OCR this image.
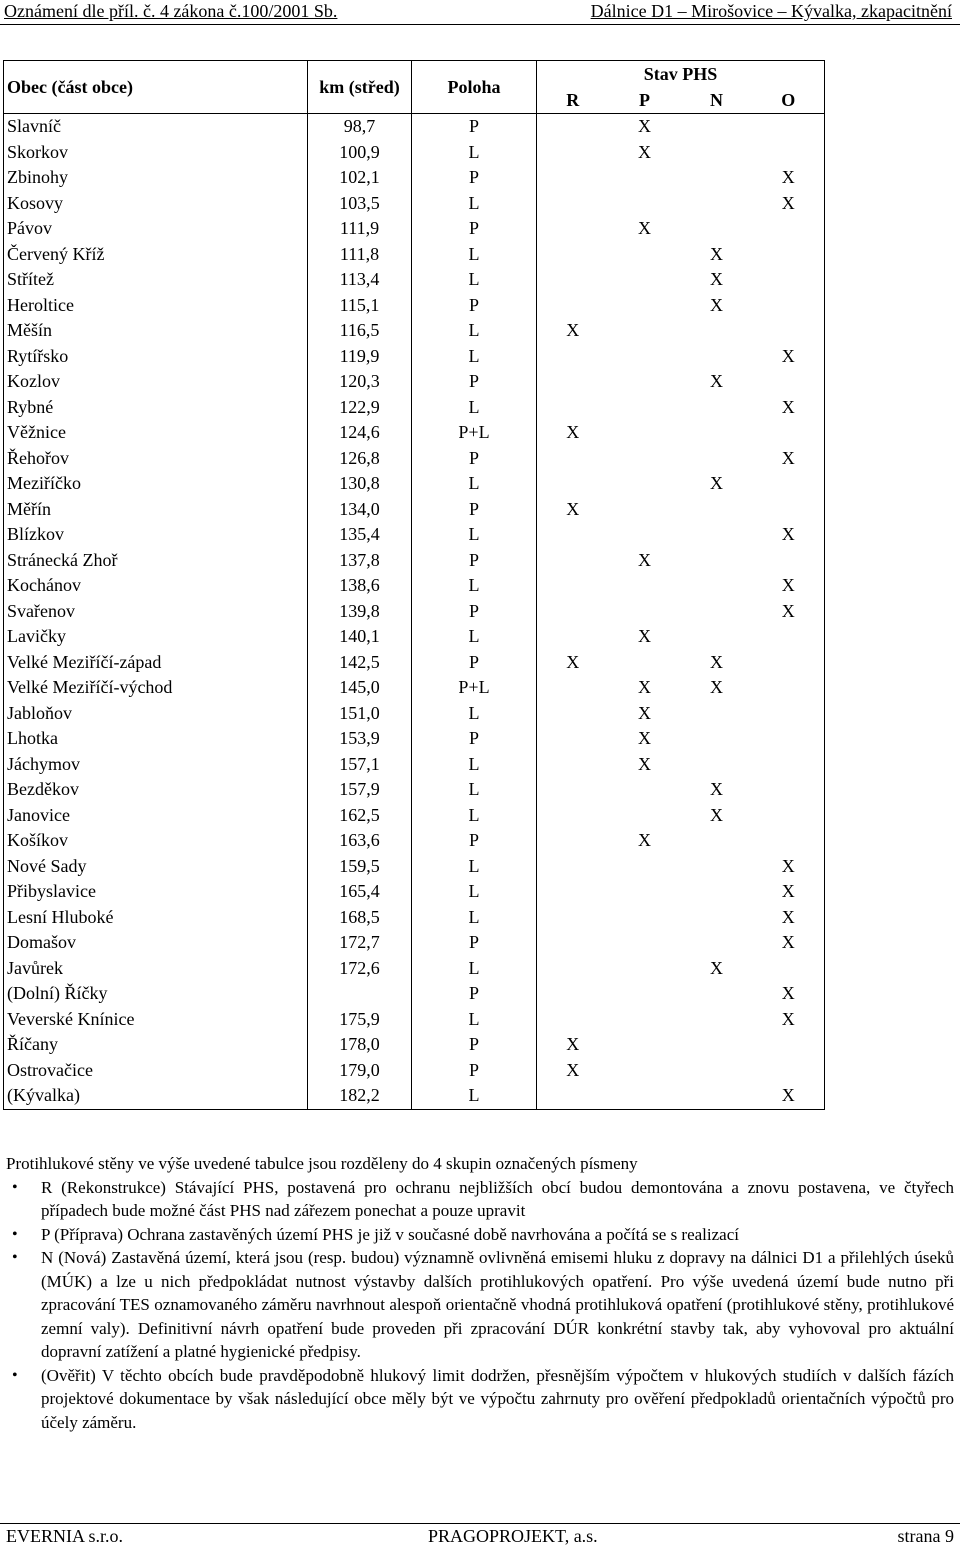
Oznámení dle příl. č. 4 zákona č.100/2001 Sb.	Dálnice D1 – Mirošovice – Kývalka, zkapacitnění
Obec (část obce)	km (střed)	Poloha	Stav PHS			
			R	P	N	O
Slavníč	98,7	P		X		
Skorkov	100,9	L		X		
Zbinohy	102,1	P				X
Kosovy	103,5	L				X
Pávov	111,9	P		X		
Červený Kříž	111,8	L			X	
Střítež	113,4	L			X	
Heroltice	115,1	P			X	
Měšín	116,5	L	X			
Rytířsko	119,9	L				X
Kozlov	120,3	P			X	
Rybné	122,9	L				X
Věžnice	124,6	P+L	X			
Řehořov	126,8	P				X
Meziříčko	130,8	L			X	
Měřín	134,0	P	X			
Blízkov	135,4	L				X
Stránecká Zhoř	137,8	P		X		
Kochánov	138,6	L				X
Svařenov	139,8	P				X
Lavičky	140,1	L		X		
Velké Meziříčí-západ	142,5	P	X		X	
Velké Meziříčí-východ	145,0	P+L		X	X	
Jabloňov	151,0	L		X		
Lhotka	153,9	P		X		
Jáchymov	157,1	L		X		
Bezděkov	157,9	L			X	
Janovice	162,5	L			X	
Košíkov	163,6	P		X		
Nové Sady	159,5	L				X
Přibyslavice	165,4	L				X
Lesní Hluboké	168,5	L				X
Domašov	172,7	P				X
Javůrek	172,6	L			X	
(Dolní) Říčky		P				X
Veverské Knínice	175,9	L				X
Říčany	178,0	P	X			
Ostrovačice	179,0	P	X			
(Kývalka)	182,2	L				X

Protihlukové stěny ve výše uvedené tabulce jsou rozděleny do 4 skupin označených písmeny

• R (Rekonstrukce) Stávající PHS, postavená pro ochranu nejbližších obcí budou demontována a znovu postavena, ve čtyřech případech bude možné část PHS nad zářezem ponechat a pouze upravit
• P (Příprava) Ochrana zastavěných území PHS je již v současné době navrhována a počítá se s realizací
• N (Nová) Zastavěná území, která jsou (resp. budou) významně ovlivněná emisemi hluku z dopravy na dálnici D1 a přilehlých úseků (MÚK) a lze u nich předpokládat nutnost výstavby dalších protihlukových opatření. Pro výše uvedená území bude nutno při zpracování TES oznamovaného záměru navrhnout alespoň orientačně vhodná protihluková opatření (protihlukové stěny, protihlukové zemní valy). Definitivní návrh opatření bude proveden při zpracování DÚR konkrétní stavby tak, aby vyhovoval pro aktuální dopravní zatížení a platné hygienické předpisy.
• (Ověřit) V těchto obcích bude pravděpodobně hlukový limit dodržen, přesnějším výpočtem v hlukových studiích v dalších fázích projektové dokumentace by však následující obce měly být ve výpočtu zahrnuty pro ověření předpokladů orientačních výpočtů pro účely záměru.
EVERNIA s.r.o.	PRAGOPROJEKT, a.s.	strana 9
